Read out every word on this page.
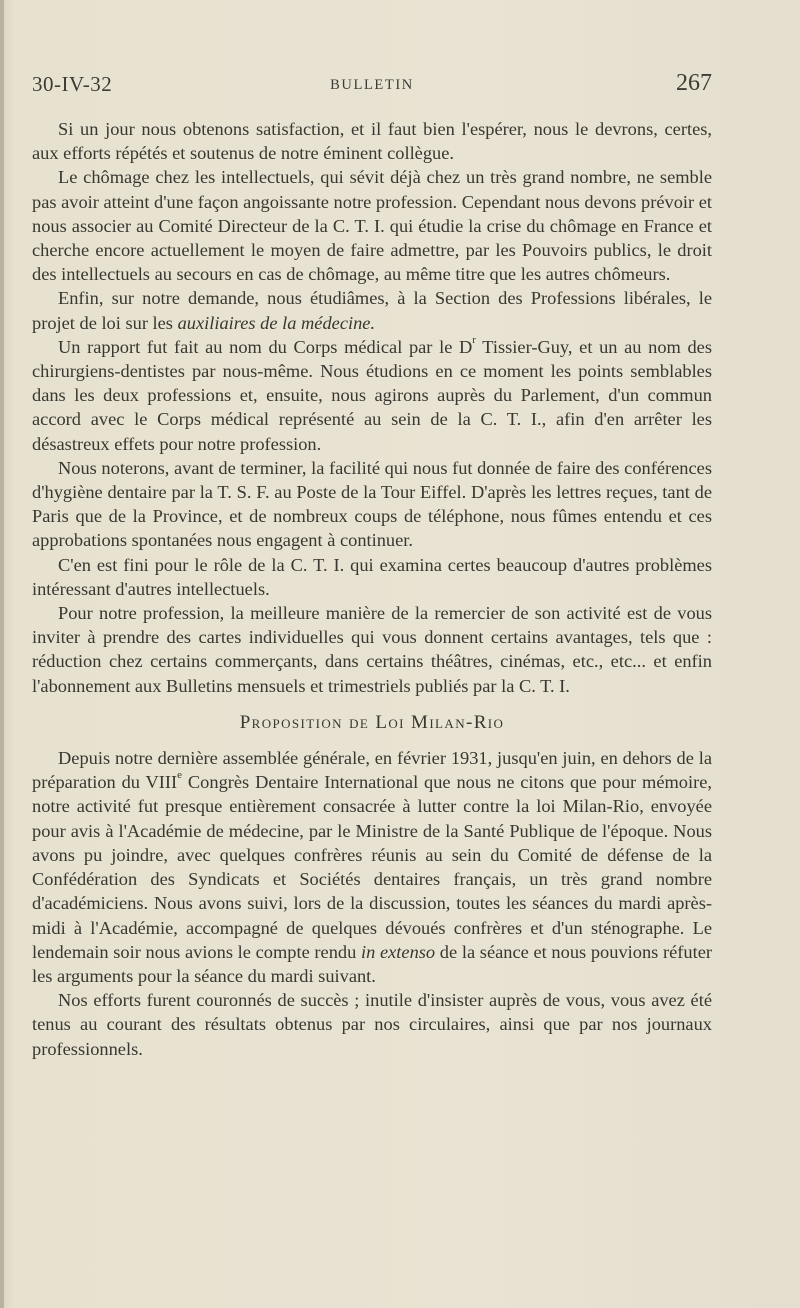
30-IV-32	BULLETIN	267

Si un jour nous obtenons satisfaction, et il faut bien l'espérer, nous le devrons, certes, aux efforts répétés et soutenus de notre éminent collègue.

Le chômage chez les intellectuels, qui sévit déjà chez un très grand nombre, ne semble pas avoir atteint d'une façon angoissante notre profession. Cependant nous devons prévoir et nous associer au Comité Directeur de la C. T. I. qui étudie la crise du chômage en France et cherche encore actuellement le moyen de faire admettre, par les Pouvoirs publics, le droit des intellectuels au secours en cas de chômage, au même titre que les autres chômeurs.

Enfin, sur notre demande, nous étudiâmes, à la Section des Professions libérales, le projet de loi sur les auxiliaires de la médecine.

Un rapport fut fait au nom du Corps médical par le $D^r$ Tissier-Guy, et un au nom des chirurgiens-dentistes par nous-même. Nous étudions en ce moment les points semblables dans les deux professions et, ensuite, nous agirons auprès du Parlement, d'un commun accord avec le Corps médical représenté au sein de la C. T. I., afin d'en arrêter les désastreux effets pour notre profession.

Nous noterons, avant de terminer, la facilité qui nous fut donnée de faire des conférences d'hygiène dentaire par la T. S. F. au Poste de la Tour Eiffel. D'après les lettres reçues, tant de Paris que de la Province, et de nombreux coups de téléphone, nous fûmes entendu et ces approbations spontanées nous engagent à continuer.

C'en est fini pour le rôle de la C. T. I. qui examina certes beaucoup d'autres problèmes intéressant d'autres intellectuels.

Pour notre profession, la meilleure manière de la remercier de son activité est de vous inviter à prendre des cartes individuelles qui vous donnent certains avantages, tels que : réduction chez certains commerçants, dans certains théâtres, cinémas, etc., etc... et enfin l'abonnement aux Bulletins mensuels et trimestriels publiés par la C. T. I.

Proposition de Loi Milan-Rio

Depuis notre dernière assemblée générale, en février 1931, jusqu'en juin, en dehors de la préparation du VIIIe Congrès Dentaire International que nous ne citons que pour mémoire, notre activité fut presque entièrement consacrée à lutter contre la loi Milan-Rio, envoyée pour avis à l'Académie de médecine, par le Ministre de la Santé Publique de l'époque. Nous avons pu joindre, avec quelques confrères réunis au sein du Comité de défense de la Confédération des Syndicats et Sociétés dentaires français, un très grand nombre d'académiciens. Nous avons suivi, lors de la discussion, toutes les séances du mardi après-midi à l'Académie, accompagné de quelques dévoués confrères et d'un sténographe. Le lendemain soir nous avions le compte rendu in extenso de la séance et nous pouvions réfuter les arguments pour la séance du mardi suivant.

Nos efforts furent couronnés de succès ; inutile d'insister auprès de vous, vous avez été tenus au courant des résultats obtenus par nos circulaires, ainsi que par nos journaux professionnels.
